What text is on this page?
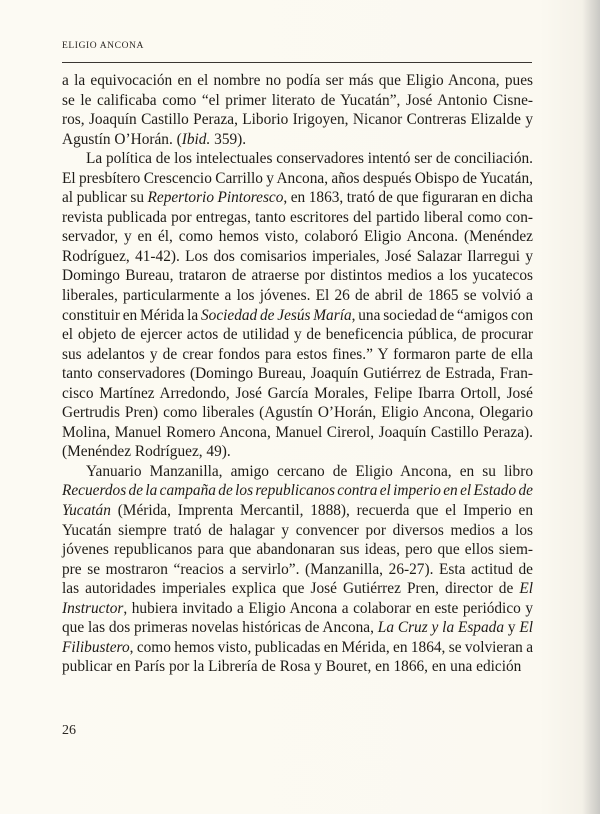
ELIGIO ANCONA

a la equivocación en el nombre no podía ser más que Eligio Ancona, pues
se le calificaba como “el primer literato de Yucatán”, José Antonio Cisne-
ros, Joaquín Castillo Peraza, Liborio Irigoyen, Nicanor Contreras Elizalde y
Agustín O’Horán. (Ibid. 359).

La política de los intelectuales conservadores intentó ser de conciliación.
El presbítero Crescencio Carrillo y Ancona, años después Obispo de Yucatán,
al publicar su Repertorio Pintoresco, en 1863, trató de que figuraran en dicha
revista publicada por entregas, tanto escritores del partido liberal como con-
servador, y en él, como hemos visto, colaboró Eligio Ancona. (Menéndez
Rodríguez, 41-42). Los dos comisarios imperiales, José Salazar Ilarregui y
Domingo Bureau, trataron de atraerse por distintos medios a los yucatecos
liberales, particularmente a los jóvenes. El 26 de abril de 1865 se volvió a
constituir en Mérida la Sociedad de Jesús María, una sociedad de “amigos con
el objeto de ejercer actos de utilidad y de beneficencia pública, de procurar
sus adelantos y de crear fondos para estos fines.” Y formaron parte de ella
tanto conservadores (Domingo Bureau, Joaquín Gutiérrez de Estrada, Fran-
cisco Martínez Arredondo, José García Morales, Felipe Ibarra Ortoll, José
Gertrudis Pren) como liberales (Agustín O’Horán, Eligio Ancona, Olegario
Molina, Manuel Romero Ancona, Manuel Cirerol, Joaquín Castillo Peraza).
(Menéndez Rodríguez, 49).

Yanuario Manzanilla, amigo cercano de Eligio Ancona, en su libro
Recuerdos de la campaña de los republicanos contra el imperio en el Estado de
Yucatán (Mérida, Imprenta Mercantil, 1888), recuerda que el Imperio en
Yucatán siempre trató de halagar y convencer por diversos medios a los
jóvenes republicanos para que abandonaran sus ideas, pero que ellos siem-
pre se mostraron “reacios a servirlo”. (Manzanilla, 26-27). Esta actitud de
las autoridades imperiales explica que José Gutiérrez Pren, director de El
Instructor, hubiera invitado a Eligio Ancona a colaborar en este periódico y
que las dos primeras novelas históricas de Ancona, La Cruz y la Espada y El
Filibustero, como hemos visto, publicadas en Mérida, en 1864, se volvieran a
publicar en París por la Librería de Rosa y Bouret, en 1866, en una edición

26
